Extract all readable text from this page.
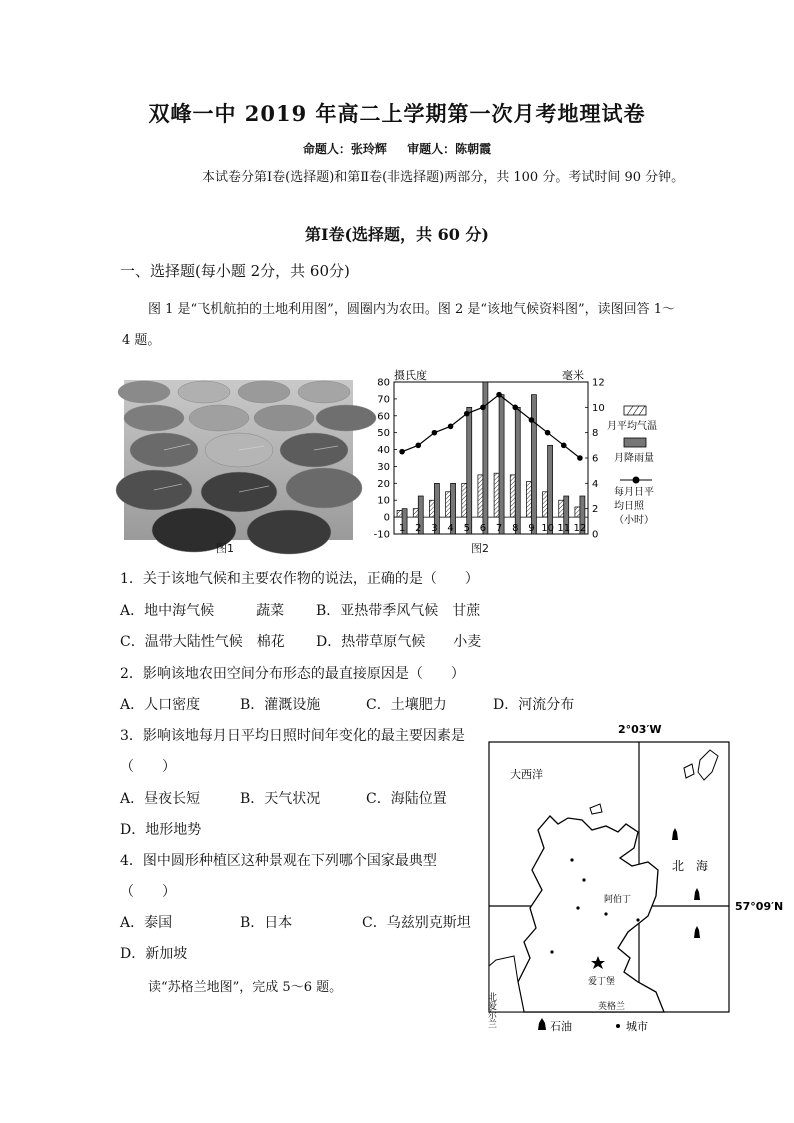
双峰一中 2019 年高二上学期第一次月考地理试卷
命题人：张玲辉 审题人：陈朝霞
本试卷分第Ⅰ卷(选择题)和第Ⅱ卷(非选择题)两部分，共 100 分。考试时间 90 分钟。
第Ⅰ卷(选择题，共 60 分)
一、选择题(每小题 2分，共 60分)
图 1 是“飞机航拍的土地利用图”，圆圈内为农田。图 2 是“该地气候资料图”，读图回答 1～4 题。
图1
摄氏度	毫米
80
70
60
50
40
30
20
10
0
-10
12
10
8
6
4
2
0
1 2 3 4 5 6 7 8 9 10 11 12
月平均气温
月降雨量
每月日平
均日照
（小时）
图2
1．关于该地气候和主要农作物的说法，正确的是（　　）
A．地中海气候　　　蔬菜 B．亚热带季风气候　甘蔗
C．温带大陆性气候　棉花 D．热带草原气候　　小麦
2．影响该地农田空间分布形态的最直接原因是（　　）
A．人口密度	B．灌溉设施	C．土壤肥力	D．河流分布
3．影响该地每月日平均日照时间年变化的最主要因素是
（　　）
A．昼夜长短	B．天气状况	C．海陆位置
D．地形地势
4．图中圆形种植区这种景观在下列哪个国家最典型
（　　）
A．泰国	B．日本	C．乌兹别克斯坦
D．新加坡
读“苏格兰地图”，完成 5～6 题。
2°03′W
57°09′N
大西洋
北　海
阿伯丁
爱丁堡
英格兰
北爱尔兰	石油	城市
